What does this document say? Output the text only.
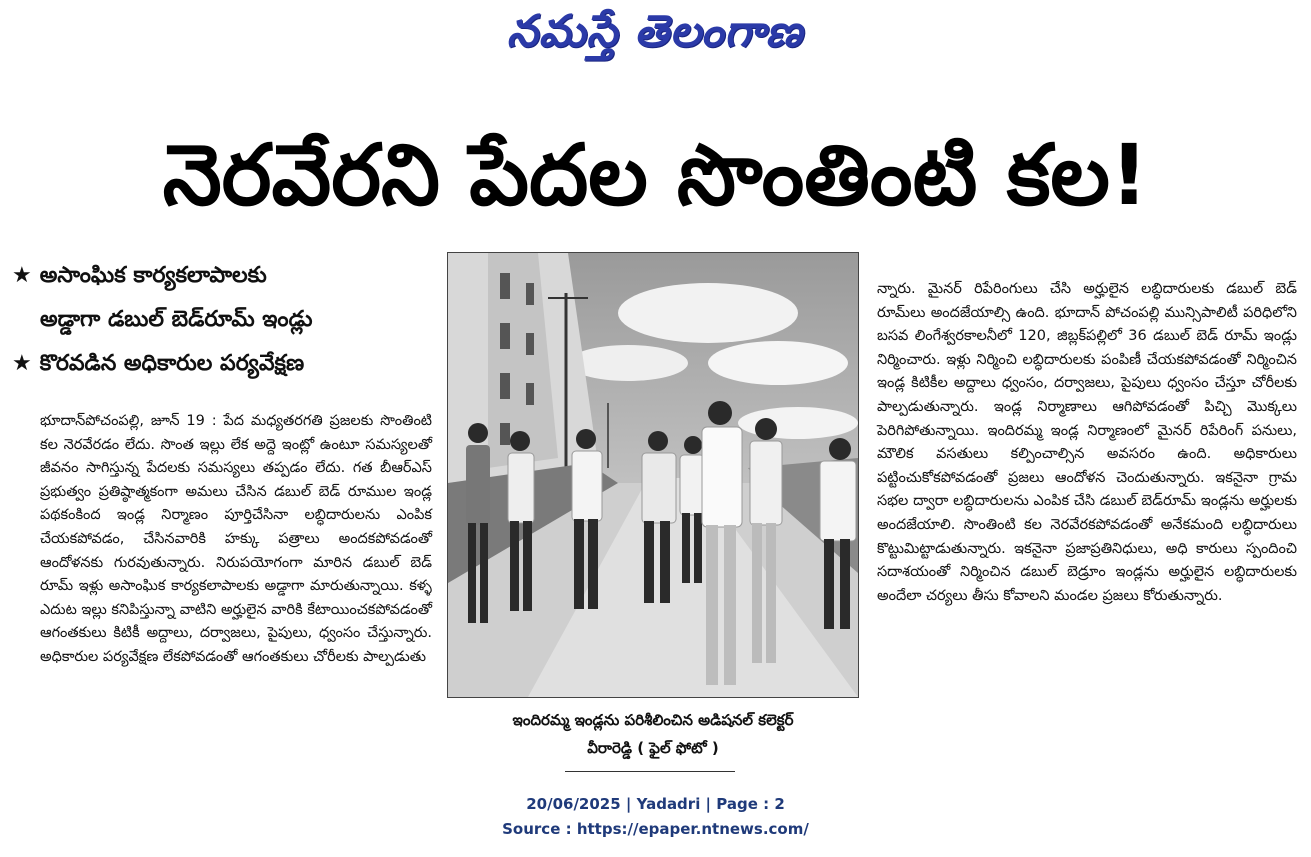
నమస్తే తెలంగాణ
నెరవేరని పేదల సొంతింటి కల!
★ అసాంఘిక కార్యకలాపాలకు
అడ్డాగా డబుల్ బెడ్‌రూమ్ ఇండ్లు
★ కొరవడిన అధికారుల పర్యవేక్షణ

భూదాన్‌పోచంపల్లి, జూన్ 19 : పేద మధ్యతరగతి ప్రజలకు సొంతింటి కల నెరవేరడం లేదు. సొంత ఇల్లు లేక అద్దె ఇంట్లో ఉంటూ సమస్యలతో జీవనం సాగిస్తున్న పేదలకు సమస్యలు తప్పడం లేదు. గత బీఆర్‌ఎస్ ప్రభుత్వం ప్రతిష్ఠాత్మకంగా అమలు చేసిన డబుల్ బెడ్ రూముల ఇండ్ల పథకంకింద ఇండ్ల నిర్మాణం పూర్తిచేసినా లబ్ధిదారులను ఎంపిక చేయకపోవడం, చేసినవారికి హక్కు పత్రాలు అందకపోవడంతో ఆందోళనకు గురవుతున్నారు. నిరుపయోగంగా మారిన డబుల్ బెడ్ రూమ్ ఇళ్లు అసాంఘిక కార్యకలాపాలకు అడ్డాగా మారుతున్నాయి. కళ్ళ ఎదుట ఇల్లు కనిపిస్తున్నా వాటిని అర్హులైన వారికి కేటాయించకపోవడంతో ఆగంతకులు కిటికీ అద్దాలు, దర్వాజలు, పైపులు, ధ్వంసం చేస్తున్నారు. అధికారుల పర్యవేక్షణ లేకపోవడంతో ఆగంతకులు చోరీలకు పాల్పడుతు

ఇందిరమ్మ ఇండ్లను పరిశీలించిన అడిషనల్ కలెక్టర్
వీరారెడ్డి ( ఫైల్ ఫోటో )

న్నారు. మైనర్ రిపేరింగులు చేసి అర్హులైన లబ్ధిదారులకు డబుల్ బెడ్ రూమ్‌లు అందజేయాల్సి ఉంది. భూదాన్ పోచంపల్లి మున్సిపాలిటీ పరిధిలోని బసవ లింగేశ్వరకాలనీలో 120, జిబ్లక్‌పల్లిలో 36 డబుల్ బెడ్ రూమ్ ఇండ్లు నిర్మించారు. ఇళ్లు నిర్మించి లబ్ధిదారులకు పంపిణీ చేయకపోవడంతో నిర్మించిన ఇండ్ల కిటికీల అద్దాలు ధ్వంసం, దర్వాజలు, పైపులు ధ్వంసం చేస్తూ చోరీలకు పాల్పడుతున్నారు. ఇండ్ల నిర్మాణాలు ఆగిపోవడంతో పిచ్చి మొక్కలు పెరిగిపోతున్నాయి. ఇందిరమ్మ ఇండ్ల నిర్మాణంలో మైనర్ రిపేరింగ్ పనులు, మౌలిక వసతులు కల్పించాల్సిన అవసరం ఉంది. అధికారులు పట్టించుకోకపోవడంతో ప్రజలు ఆందోళన చెందుతున్నారు. ఇకనైనా గ్రామ సభల ద్వారా లబ్ధిదారులను ఎంపిక చేసి డబుల్ బెడ్‌రూమ్ ఇండ్లను అర్హులకు అందజేయాలి. సొంతింటి కల నెరవేరకపోవడంతో అనేకమంది లబ్ధిదారులు కొట్టుమిట్టాడుతున్నారు. ఇకనైనా ప్రజాప్రతినిధులు, అధి కారులు స్పందించి సదాశయంతో నిర్మించిన డబుల్ బెడ్రూం ఇండ్లను అర్హులైన లబ్ధిదారులకు అందేలా చర్యలు తీసు కోవాలని మండల ప్రజలు కోరుతున్నారు.

20/06/2025 | Yadadri | Page : 2
Source : https://epaper.ntnews.com/
